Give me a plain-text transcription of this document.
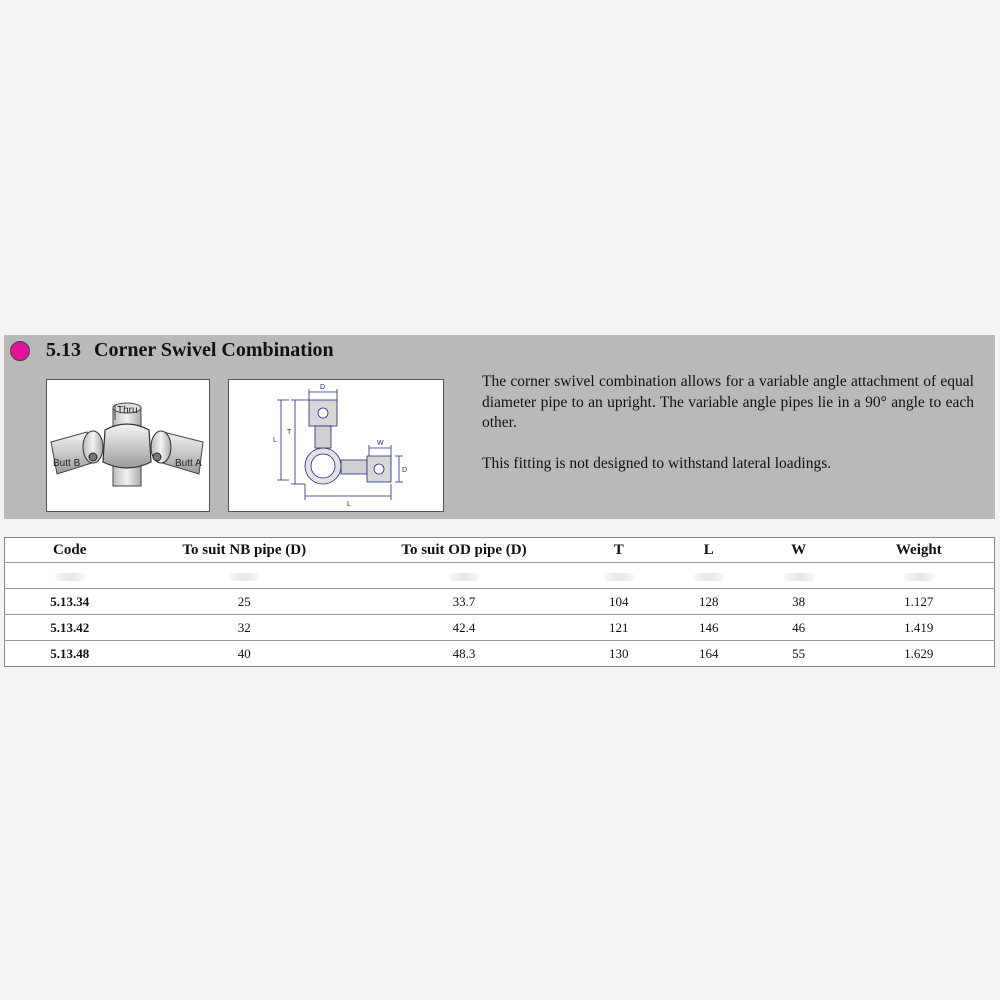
5.13 Corner Swivel Combination
Thru
Butt B	Butt A
D
T
L	W
D
L

The corner swivel combination allows for a variable angle attachment of equal diameter pipe to an upright. The variable angle pipes lie in a 90° angle to each other.

This fitting is not designed to withstand lateral loadings.

Code	To suit NB pipe (D)	To suit OD pipe (D)	T	L	W	Weight

5.13.34	25	33.7	104	128	38	1.127
5.13.42	32	42.4	121	146	46	1.419
5.13.48	40	48.3	130	164	55	1.629
